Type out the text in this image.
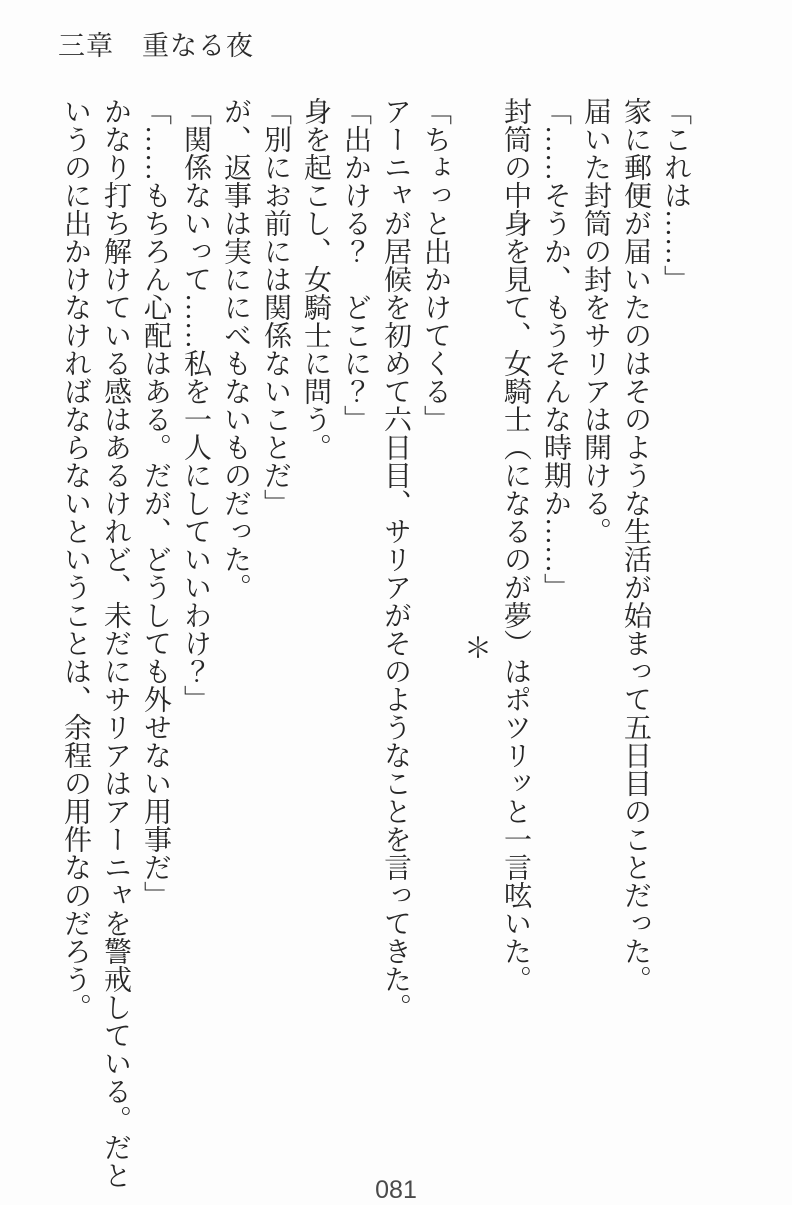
三章　重なる夜

「これは……」

家に郵便が届いたのはそのような生活が始まって五日目のことだった。

届いた封筒の封をサリアは開ける。

「……そうか、もうそんな時期か……」

封筒の中身を見て、女騎士（になるのが夢）はポツリッと一言呟いた。

＊

「ちょっと出かけてくる」

アーニャが居候を初めて六日目、サリアがそのようなことを言ってきた。

「出かける？　どこに？」

身を起こし、女騎士に問う。

「別にお前には関係ないことだ」

が、返事は実ににべもないものだった。

「関係ないって……私を一人にしていいわけ？」

「……もちろん心配はある。だが、どうしても外せない用事だ」

かなり打ち解けている感はあるけれど、未だにサリアはアーニャを警戒している。だというのに出かけなければならないということは、余程の用件なのだろう。

081
